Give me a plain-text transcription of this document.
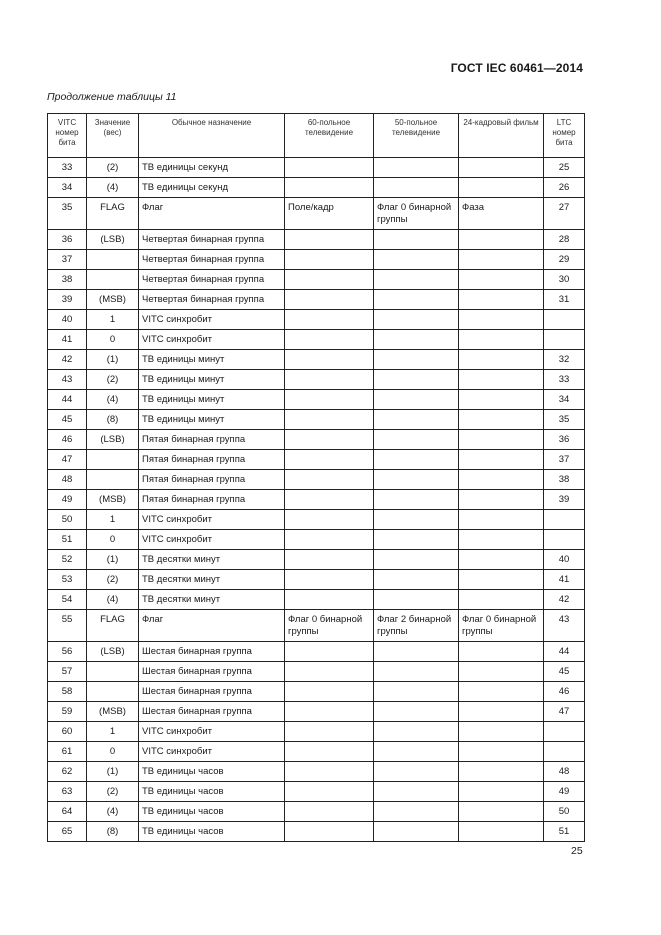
ГОСТ IEC 60461—2014
Продолжение таблицы 11
VITC номер бита	Значение (вес)	Обычное назначение	60-польное телевидение	50-польное телевидение	24-кадровый фильм	LTC номер бита
33	(2)	ТВ единицы секунд				25
34	(4)	ТВ единицы секунд				26
35	FLAG	Флаг	Поле/кадр	Флаг 0 бинарной группы	Фаза	27
36	(LSB)	Четвертая бинарная группа				28
37		Четвертая бинарная группа				29
38		Четвертая бинарная группа				30
39	(MSB)	Четвертая бинарная группа				31
40	1	VITC синхробит				
41	0	VITC синхробит				
42	(1)	ТВ единицы минут				32
43	(2)	ТВ единицы минут				33
44	(4)	ТВ единицы минут				34
45	(8)	ТВ единицы минут				35
46	(LSB)	Пятая бинарная группа				36
47		Пятая бинарная группа				37
48		Пятая бинарная группа				38
49	(MSB)	Пятая бинарная группа				39
50	1	VITC синхробит				
51	0	VITC синхробит				
52	(1)	ТВ десятки минут				40
53	(2)	ТВ десятки минут				41
54	(4)	ТВ десятки минут				42
55	FLAG	Флаг	Флаг 0 бинарной группы	Флаг 2 бинарной группы	Флаг 0 бинарной группы	43
56	(LSB)	Шестая бинарная группа				44
57		Шестая бинарная группа				45
58		Шестая бинарная группа				46
59	(MSB)	Шестая бинарная группа				47
60	1	VITC синхробит				
61	0	VITC синхробит				
62	(1)	ТВ единицы часов				48
63	(2)	ТВ единицы часов				49
64	(4)	ТВ единицы часов				50
65	(8)	ТВ единицы часов				51
25
